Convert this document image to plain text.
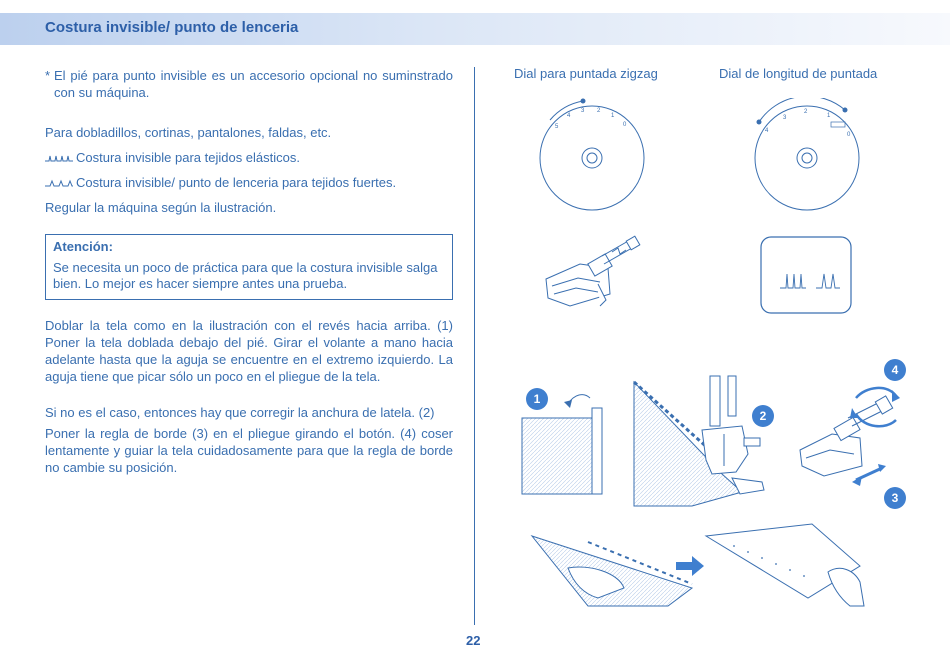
Costura invisible/ punto de lenceria
* El pié para punto invisible es un accesorio opcional no suminstrado con su máquina.
Para dobladillos, cortinas, pantalones, faldas, etc.
Costura invisible para tejidos elásticos.
Costura invisible/ punto de lenceria para tejidos fuertes.
Regular la máquina según la ilustración.
Atención:
Se necesita un poco de práctica para que la costura invisible salga bien. Lo mejor es hacer siempre antes una prueba.
Doblar la tela como en la ilustración con el revés hacia arriba. (1) Poner la tela doblada debajo del pié. Girar el volante a mano hacia adelante hasta que la aguja se encuentre en el extremo izquierdo. La aguja tiene que picar sólo un poco en el pliegue de la tela.
Si no es el caso, entonces hay que corregir la anchura de latela. (2)
Poner la regla de borde (3) en el pliegue girando el botón. (4) coser lentamente y guiar la tela cuidadosamente para que la regla de borde no cambie su posición.
Dial para puntada zigzag	Dial de longitud de puntada
5
4
3 2
1
0
4
3
2
1
0
1
2
3
4
22
